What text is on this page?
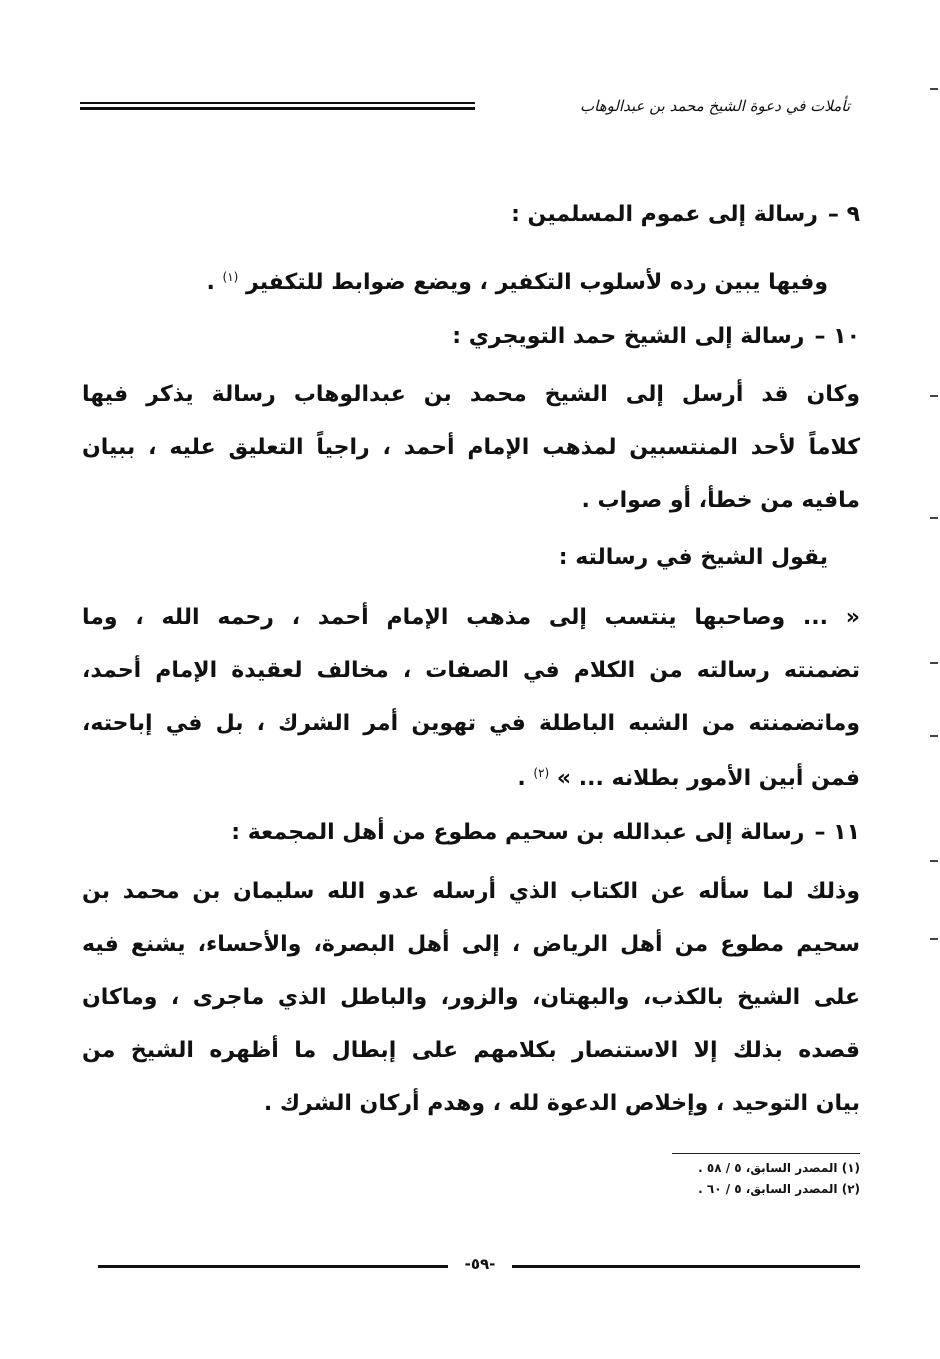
تأملات في دعوة الشيخ محمد بن عبدالوهاب
٩ –رسالة إلى عموم المسلمين :
وفيها يبين رده لأسلوب التكفير ، ويضع ضوابط للتكفير $^{(١)}$ .
١٠ –رسالة إلى الشيخ حمد التويجري :
وكان قد أرسل إلى الشيخ محمد بن عبدالوهاب رسالة يذكر فيها
كلاماً لأحد المنتسبين لمذهب الإمام أحمد ، راجياً التعليق عليه ، ببيان
مافيه من خطأ، أو صواب .
يقول الشيخ في رسالته :
« ... وصاحبها ينتسب إلى مذهب الإمام أحمد ، رحمه الله ، وما
تضمنته رسالته من الكلام في الصفات ، مخالف لعقيدة الإمام أحمد،
وماتضمنته من الشبه الباطلة في تهوين أمر الشرك ، بل في إباحته،
فمن أبين الأمور بطلانه ... » $^{(٢)}$ .
١١ –رسالة إلى عبدالله بن سحيم مطوع من أهل المجمعة :
وذلك لما سأله عن الكتاب الذي أرسله عدو الله سليمان بن محمد بن
سحيم مطوع من أهل الرياض ، إلى أهل البصرة، والأحساء، يشنع فيه
على الشيخ بالكذب، والبهتان، والزور، والباطل الذي ماجرى ، وماكان
قصده بذلك إلا الاستنصار بكلامهم على إبطال ما أظهره الشيخ من
بيان التوحيد ، وإخلاص الدعوة لله ، وهدم أركان الشرك .
(١) المصدر السابق، ٥ / ٥٨ .
(٢) المصدر السابق، ٥ / ٦٠ .
-٥٩-
